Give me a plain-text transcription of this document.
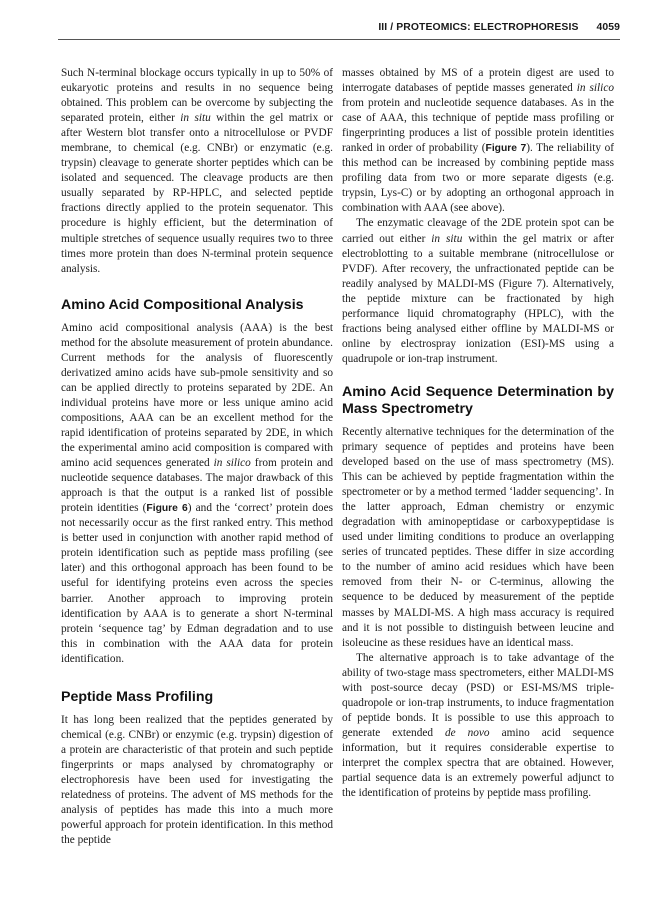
III / PROTEOMICS: ELECTROPHORESIS 4059

Such N-terminal blockage occurs typically in up to 50% of eukaryotic proteins and results in no sequence being obtained. This problem can be overcome by subjecting the separated protein, either in situ within the gel matrix or after Western blot transfer onto a nitrocellulose or PVDF membrane, to chemical (e.g. CNBr) or enzymatic (e.g. trypsin) cleavage to generate shorter peptides which can be isolated and sequenced. The cleavage products are then usually separated by RP-HPLC, and selected peptide fractions directly applied to the protein sequenator. This procedure is highly efficient, but the determination of multiple stretches of sequence usually requires two to three times more protein than does N-terminal protein sequence analysis.

Amino Acid Compositional Analysis

Amino acid compositional analysis (AAA) is the best method for the absolute measurement of protein abundance. Current methods for the analysis of fluorescently derivatized amino acids have sub-pmole sensitivity and so can be applied directly to proteins separated by 2DE. An individual proteins have more or less unique amino acid compositions, AAA can be an excellent method for the rapid identification of proteins separated by 2DE, in which the experimental amino acid composition is compared with amino acid sequences generated in silico from protein and nucleotide sequence databases. The major drawback of this approach is that the output is a ranked list of possible protein identities (Figure 6) and the ‘correct’ protein does not necessarily occur as the first ranked entry. This method is better used in conjunction with another rapid method of protein identification such as peptide mass profiling (see later) and this orthogonal approach has been found to be useful for identifying proteins even across the species barrier. Another approach to improving protein identification by AAA is to generate a short N-terminal protein ‘sequence tag’ by Edman degradation and to use this in combination with the AAA data for protein identification.

Peptide Mass Profiling

It has long been realized that the peptides generated by chemical (e.g. CNBr) or enzymic (e.g. trypsin) digestion of a protein are characteristic of that protein and such peptide fingerprints or maps analysed by chromatography or electrophoresis have been used for investigating the relatedness of proteins. The advent of MS methods for the analysis of peptides has made this into a much more powerful approach for protein identification. In this method the peptide

masses obtained by MS of a protein digest are used to interrogate databases of peptide masses generated in silico from protein and nucleotide sequence databases. As in the case of AAA, this technique of peptide mass profiling or fingerprinting produces a list of possible protein identities ranked in order of probability (Figure 7). The reliability of this method can be increased by combining peptide mass profiling data from two or more separate digests (e.g. trypsin, Lys-C) or by adopting an orthogonal approach in combination with AAA (see above).

The enzymatic cleavage of the 2DE protein spot can be carried out either in situ within the gel matrix or after electroblotting to a suitable membrane (nitrocellulose or PVDF). After recovery, the unfractionated peptide can be readily analysed by MALDI-MS (Figure 7). Alternatively, the peptide mixture can be fractionated by high performance liquid chromatography (HPLC), with the fractions being analysed either offline by MALDI-MS or online by electrospray ionization (ESI)-MS using a quadrupole or ion-trap instrument.

Amino Acid Sequence Determination by Mass Spectrometry

Recently alternative techniques for the determination of the primary sequence of peptides and proteins have been developed based on the use of mass spectrometry (MS). This can be achieved by peptide fragmentation within the spectrometer or by a method termed ‘ladder sequencing’. In the latter approach, Edman chemistry or enzymic degradation with aminopeptidase or carboxypeptidase is used under limiting conditions to produce an overlapping series of truncated peptides. These differ in size according to the number of amino acid residues which have been removed from their N- or C-terminus, allowing the sequence to be deduced by measurement of the peptide masses by MALDI-MS. A high mass accuracy is required and it is not possible to distinguish between leucine and isoleucine as these residues have an identical mass.

The alternative approach is to take advantage of the ability of two-stage mass spectrometers, either MALDI-MS with post-source decay (PSD) or ESI-MS/MS triple-quadropole or ion-trap instruments, to induce fragmentation of peptide bonds. It is possible to use this approach to generate extended de novo amino acid sequence information, but it requires considerable expertise to interpret the complex spectra that are obtained. However, partial sequence data is an extremely powerful adjunct to the identification of proteins by peptide mass profiling.
